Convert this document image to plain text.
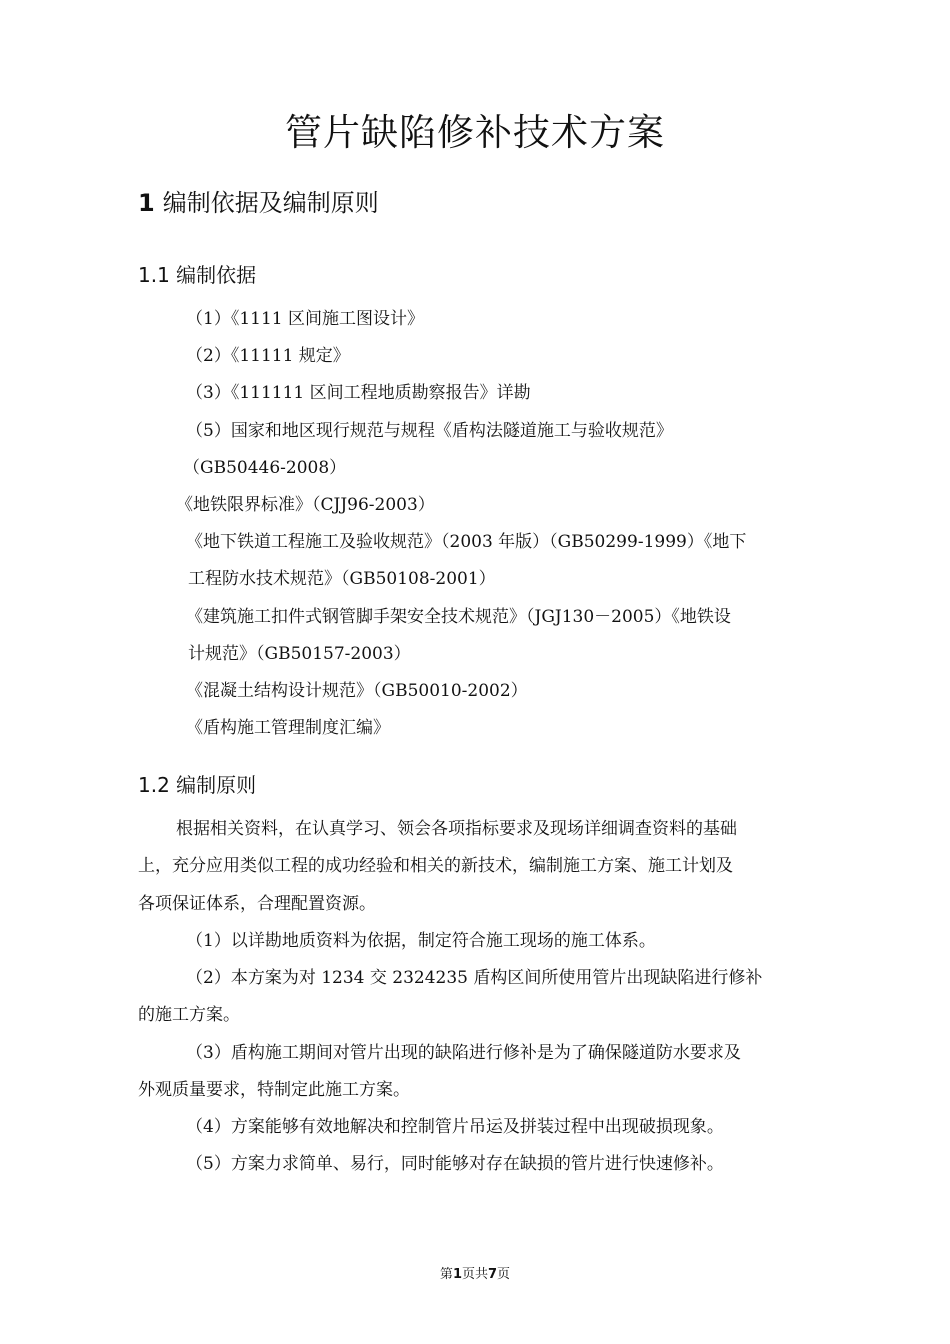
管片缺陷修补技术方案
1 编制依据及编制原则
1.1 编制依据
（1）《1111 区间施工图设计》
（2）《11111 规定》
（3）《111111 区间工程地质勘察报告》详勘
（5）国家和地区现行规范与规程《盾构法隧道施工与验收规范》
（GB50446-2008）
《地铁限界标准》（CJJ96-2003）
《地下铁道工程施工及验收规范》（2003 年版）（GB50299-1999）《地下
工程防水技术规范》（GB50108-2001）
《建筑施工扣件式钢管脚手架安全技术规范》（JGJ130－2005）《地铁设
计规范》（GB50157-2003）
《混凝土结构设计规范》（GB50010-2002）
《盾构施工管理制度汇编》
1.2 编制原则
根据相关资料，在认真学习、领会各项指标要求及现场详细调查资料的基础
上，充分应用类似工程的成功经验和相关的新技术，编制施工方案、施工计划及
各项保证体系，合理配置资源。
（1）以详勘地质资料为依据，制定符合施工现场的施工体系。
（2）本方案为对 1234 交 2324235 盾构区间所使用管片出现缺陷进行修补
的施工方案。
（3）盾构施工期间对管片出现的缺陷进行修补是为了确保隧道防水要求及
外观质量要求，特制定此施工方案。
（4）方案能够有效地解决和控制管片吊运及拼装过程中出现破损现象。
（5）方案力求简单、易行，同时能够对存在缺损的管片进行快速修补。
第1页共7页
